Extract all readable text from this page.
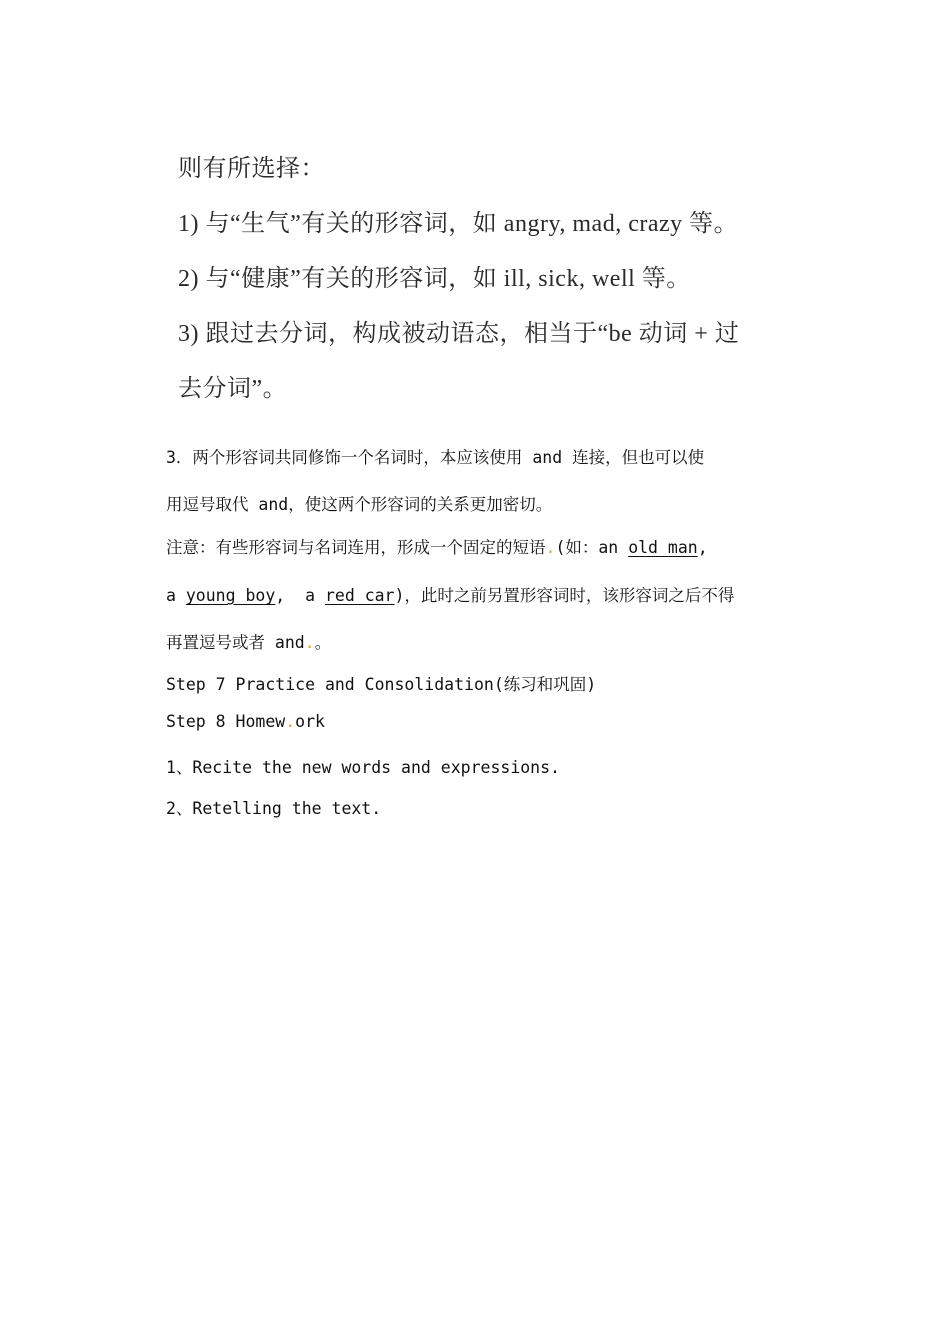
则有所选择：
1) 与“生气”有关的形容词，如 angry, mad, crazy 等。
2) 与“健康”有关的形容词，如 ill, sick, well 等。
3) 跟过去分词，构成被动语态，相当于“be 动词 + 过
去分词”。
3．两个形容词共同修饰一个名词时，本应该使用 and 连接，但也可以使
用逗号取代 and，使这两个形容词的关系更加密切。
注意：有些形容词与名词连用，形成一个固定的短语.(如：an old man,
a young boy,  a red car)，此时之前另置形容词时，该形容词之后不得
再置逗号或者 and.。
Step 7 Practice and Consolidation(练习和巩固)
Step 8 Homew.ork
1、Recite the new words and expressions.
2、Retelling the text.
